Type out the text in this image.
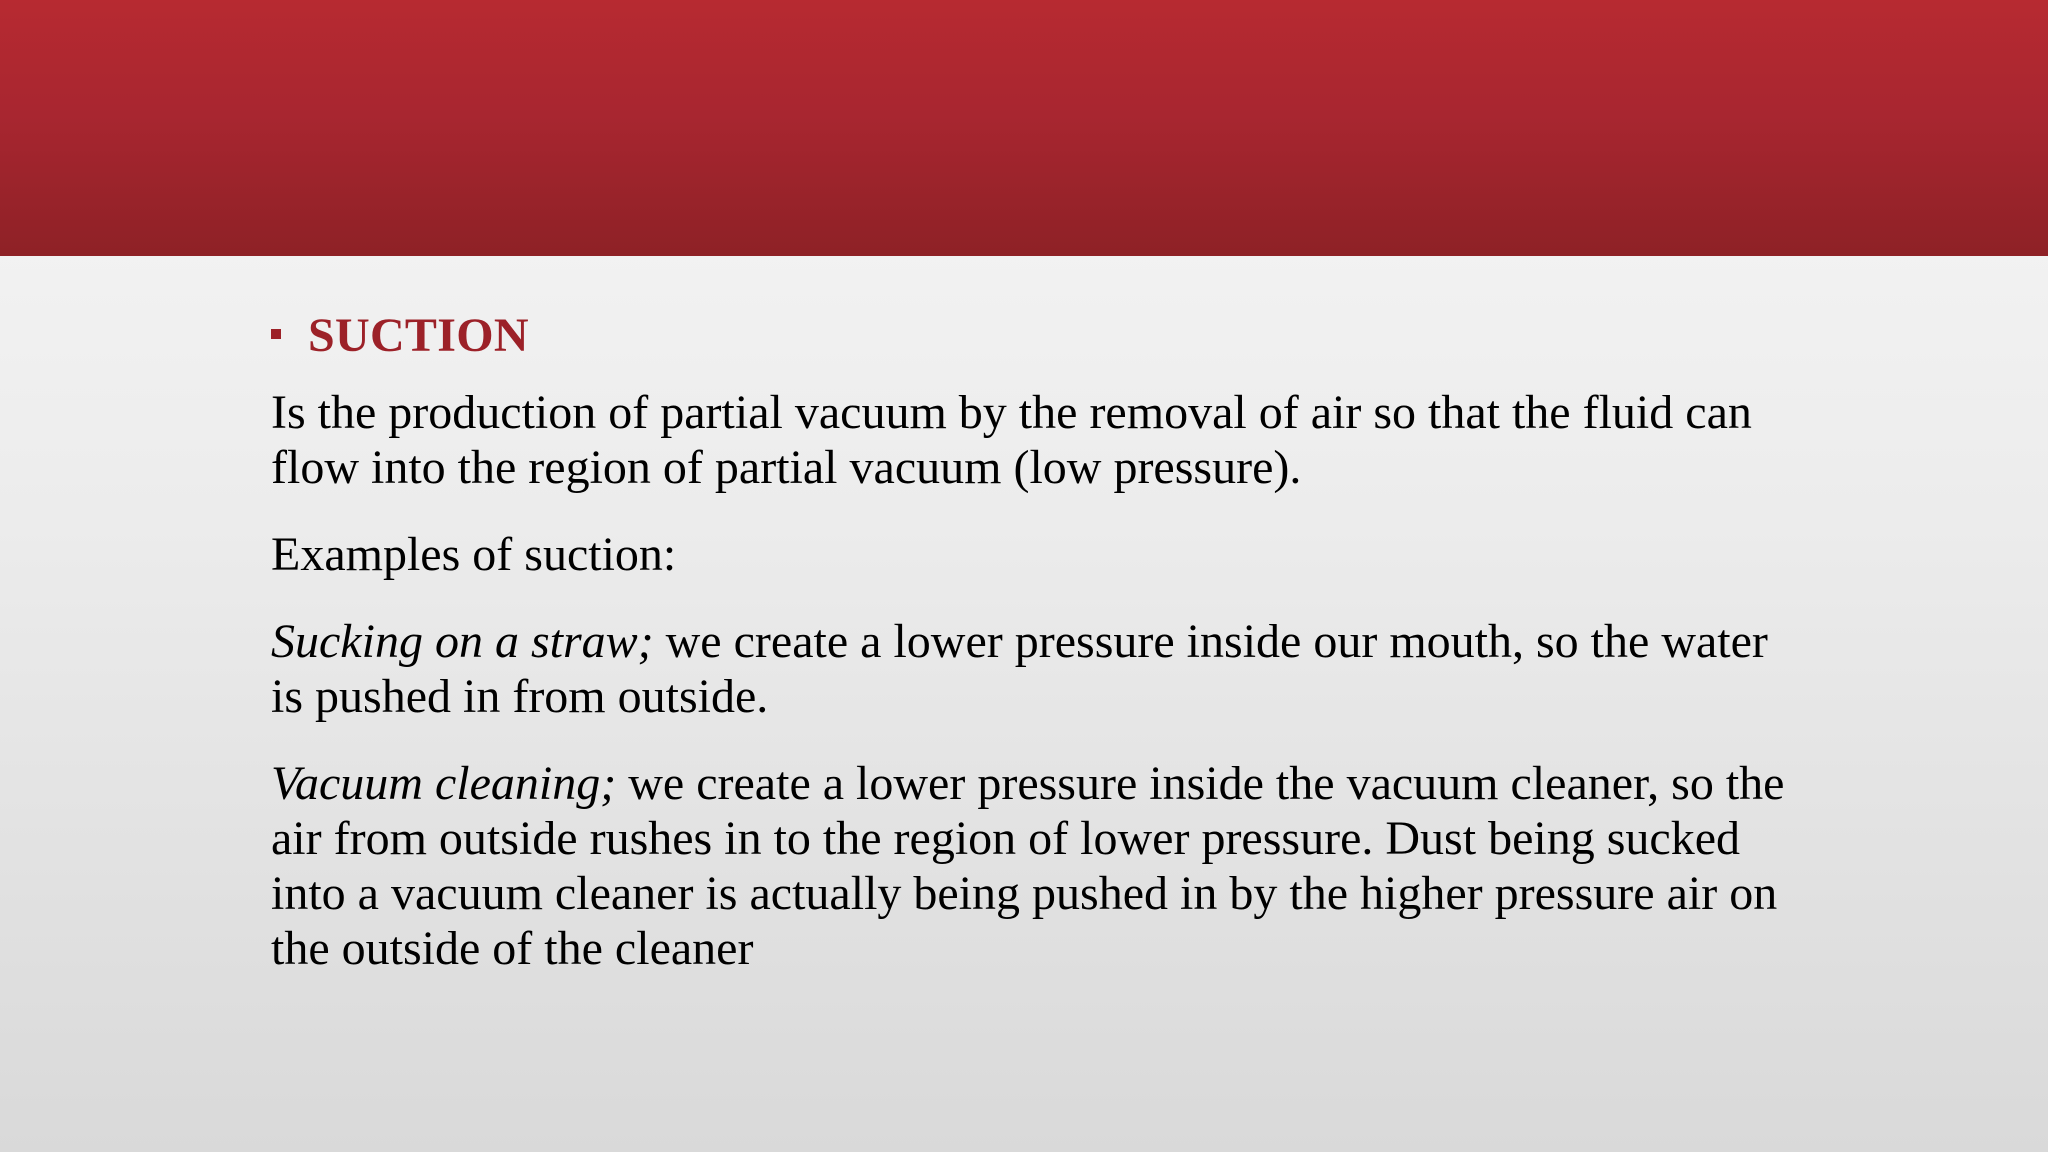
SUCTION

Is the production of partial vacuum by the removal of air so that the fluid can flow into the region of partial vacuum (low pressure).

Examples of suction:

Sucking on a straw; we create a lower pressure inside our mouth, so the water is pushed in from outside.

Vacuum cleaning; we create a lower pressure inside the vacuum cleaner, so the air from outside rushes in to the region of lower pressure. Dust being sucked into a vacuum cleaner is actually being pushed in by the higher pressure air on the outside of the cleaner
